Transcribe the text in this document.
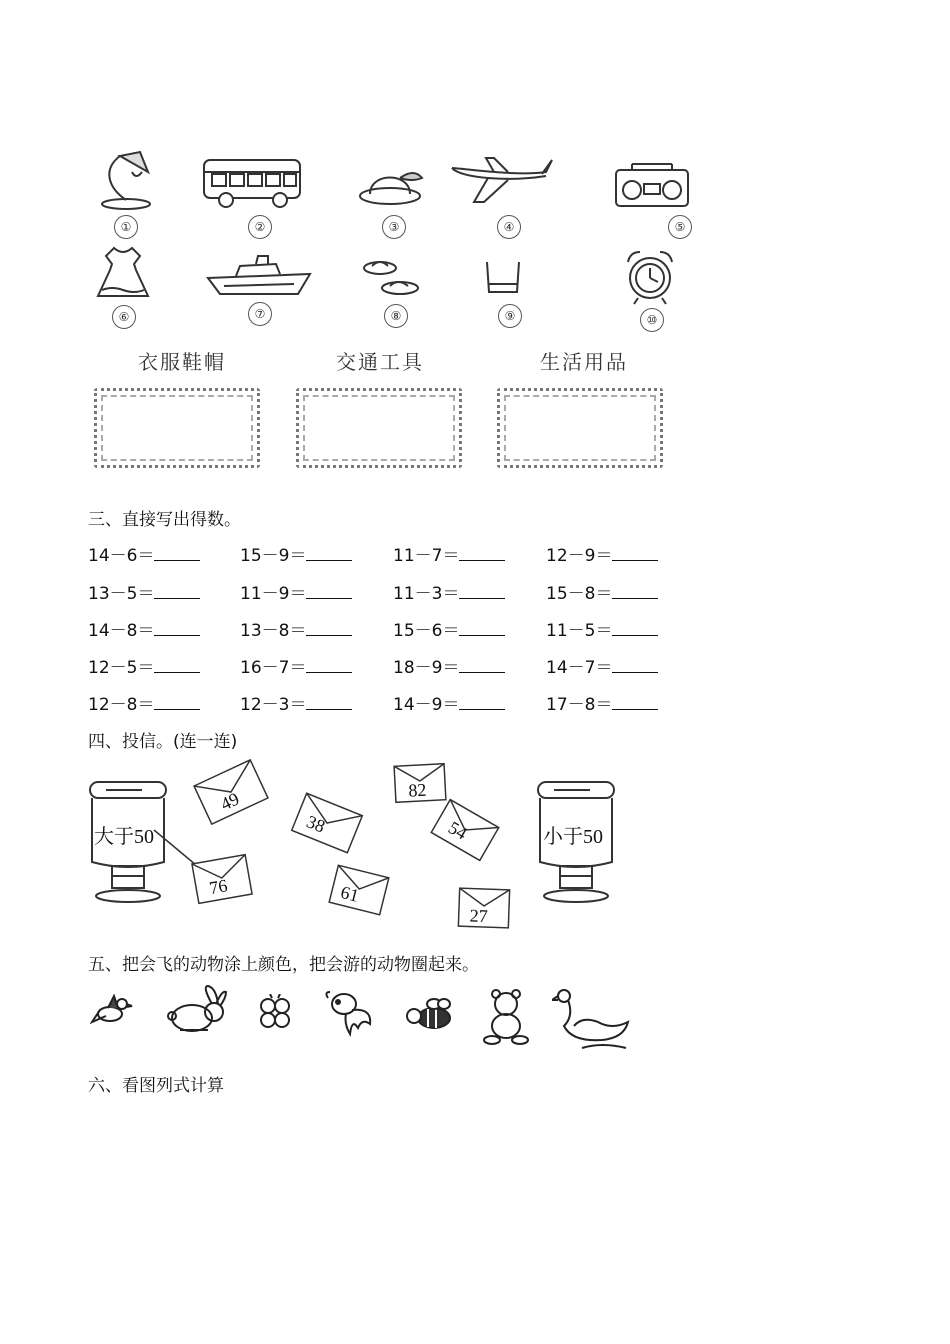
①	②	③	④	⑤
⑥	⑦	⑧	⑨	⑩
衣服鞋帽	交通工具	生活用品
三、直接写出得数。
14－6＝	15－9＝	11－7＝	12－9＝
13－5＝	11－9＝	11－3＝	15－8＝
14－8＝	13－8＝	15－6＝	11－5＝
12－5＝	16－7＝	18－9＝	14－7＝
12－8＝	12－3＝	14－9＝	17－8＝
四、投信。(连一连)
大于50	小于50
49
38
82
54
76	61
27
五、把会飞的动物涂上颜色，把会游的动物圈起来。
六、看图列式计算
